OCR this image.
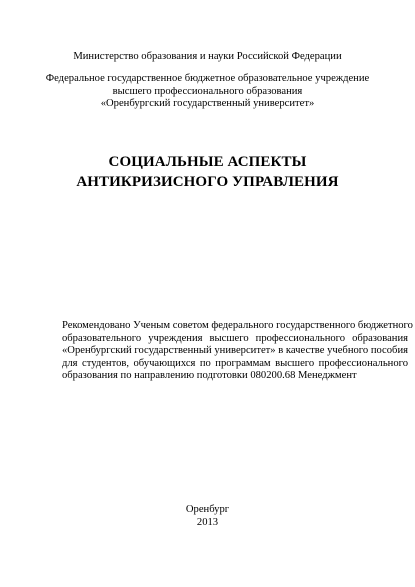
Министерство образования и науки Российской Федерации
Федеральное государственное бюджетное образовательное учреждение
высшего профессионального образования
«Оренбургский государственный университет»
СОЦИАЛЬНЫЕ АСПЕКТЫ
АНТИКРИЗИСНОГО УПРАВЛЕНИЯ
Рекомендовано Ученым советом федерального государственного бюджетного
образовательного учреждения высшего профессионального образования
«Оренбургский государственный университет» в качестве учебного пособия
для студентов, обучающихся по программам высшего профессионального
образования по направлению подготовки 080200.68 Менеджмент
Оренбург
2013
